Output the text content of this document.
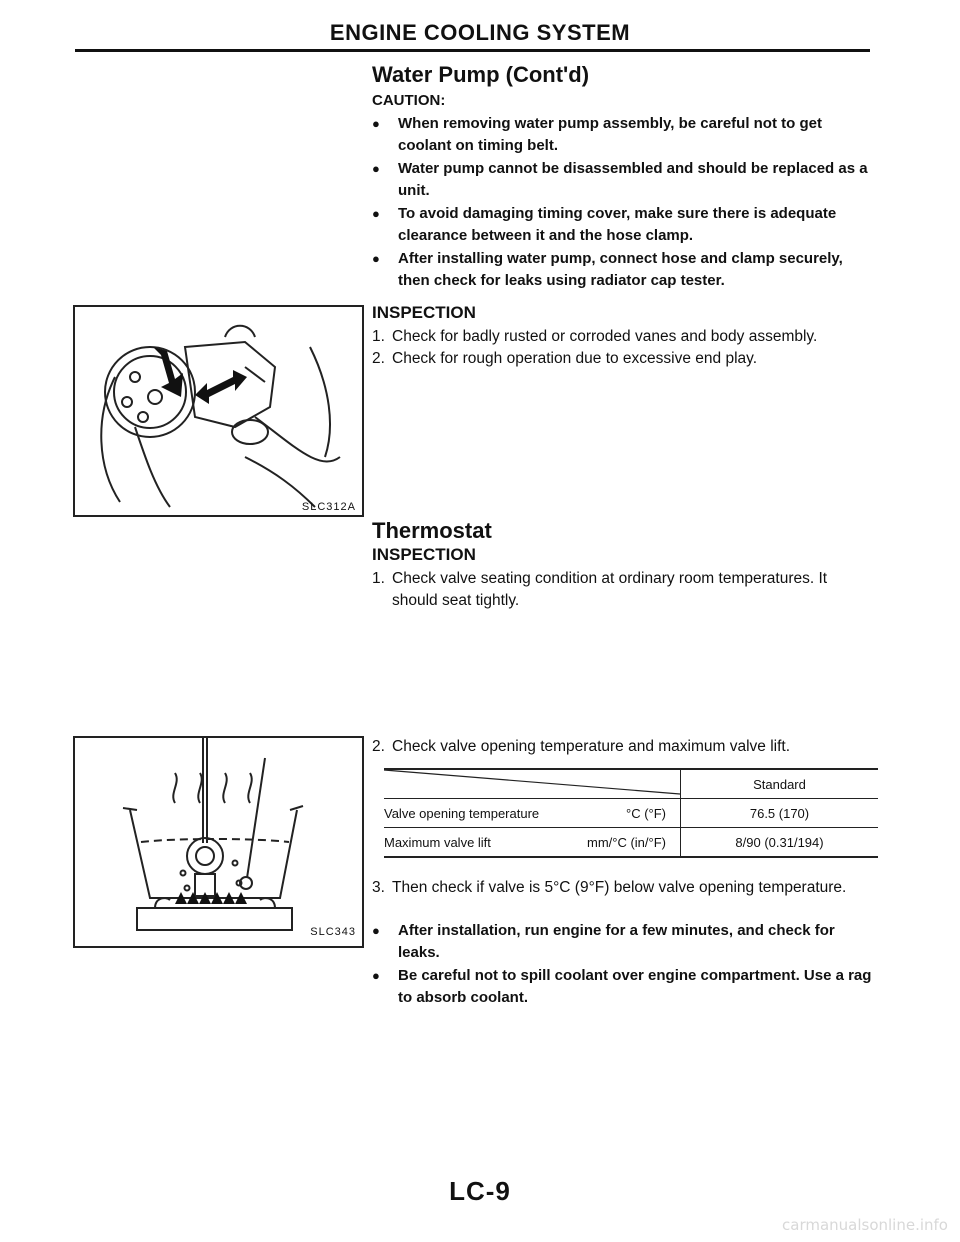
ENGINE COOLING SYSTEM
Water Pump (Cont'd)
CAUTION:
● When removing water pump assembly, be careful not to get coolant on timing belt.
● Water pump cannot be disassembled and should be replaced as a unit.
● To avoid damaging timing cover, make sure there is adequate clearance between it and the hose clamp.
● After installing water pump, connect hose and clamp securely, then check for leaks using radiator cap tester.
SLC312A
INSPECTION
1. Check for badly rusted or corroded vanes and body assembly.
2. Check for rough operation due to excessive end play.
Thermostat
INSPECTION
1. Check valve seating condition at ordinary room temperatures. It should seat tightly.
SLC343
2. Check valve opening temperature and maximum valve lift.
	Standard
Valve opening temperature °C (°F)	76.5 (170)
Maximum valve lift mm/°C (in/°F)	8/90 (0.31/194)
3. Then check if valve is 5°C (9°F) below valve opening temperature.
● After installation, run engine for a few minutes, and check for leaks.
● Be careful not to spill coolant over engine compartment. Use a rag to absorb coolant.
LC-9
carmanualsonline.info
